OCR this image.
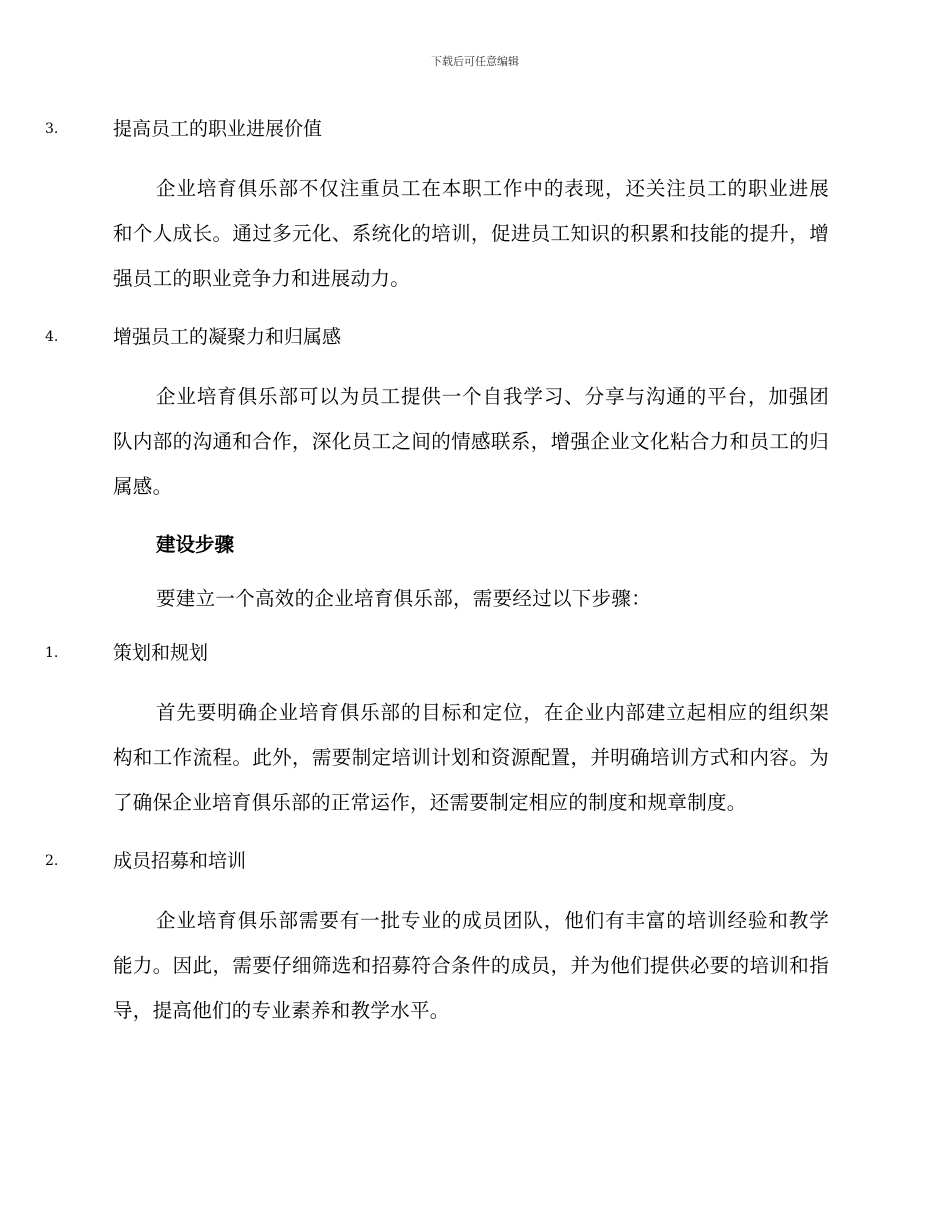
下载后可任意编辑
3.	提高员工的职业进展价值

企业培育俱乐部不仅注重员工在本职工作中的表现，还关注员工的职业进展和个人成长。通过多元化、系统化的培训，促进员工知识的积累和技能的提升，增强员工的职业竞争力和进展动力。

4.	增强员工的凝聚力和归属感

企业培育俱乐部可以为员工提供一个自我学习、分享与沟通的平台，加强团队内部的沟通和合作，深化员工之间的情感联系，增强企业文化粘合力和员工的归属感。

建设步骤
要建立一个高效的企业培育俱乐部，需要经过以下步骤：
1.	策划和规划

首先要明确企业培育俱乐部的目标和定位，在企业内部建立起相应的组织架构和工作流程。此外，需要制定培训计划和资源配置，并明确培训方式和内容。为了确保企业培育俱乐部的正常运作，还需要制定相应的制度和规章制度。

2.	成员招募和培训

企业培育俱乐部需要有一批专业的成员团队，他们有丰富的培训经验和教学能力。因此，需要仔细筛选和招募符合条件的成员，并为他们提供必要的培训和指导，提高他们的专业素养和教学水平。
